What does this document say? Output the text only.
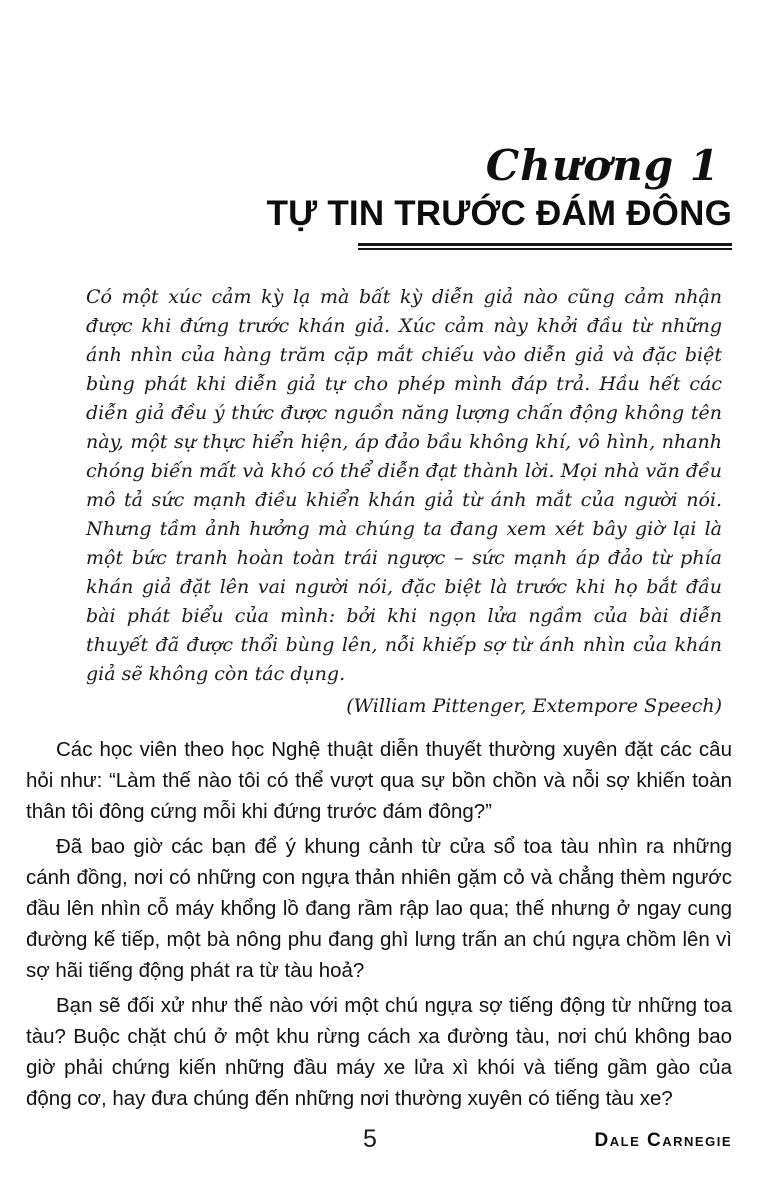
Chương 1
TỰ TIN TRƯỚC ĐÁM ĐÔNG

Có một xúc cảm kỳ lạ mà bất kỳ diễn giả nào cũng cảm nhận được khi đứng trước khán giả. Xúc cảm này khởi đầu từ những ánh nhìn của hàng trăm cặp mắt chiếu vào diễn giả và đặc biệt bùng phát khi diễn giả tự cho phép mình đáp trả. Hầu hết các diễn giả đều ý thức được nguồn năng lượng chấn động không tên này, một sự thực hiển hiện, áp đảo bầu không khí, vô hình, nhanh chóng biến mất và khó có thể diễn đạt thành lời. Mọi nhà văn đều mô tả sức mạnh điều khiển khán giả từ ánh mắt của người nói. Nhưng tầm ảnh hưởng mà chúng ta đang xem xét bây giờ lại là một bức tranh hoàn toàn trái ngược – sức mạnh áp đảo từ phía khán giả đặt lên vai người nói, đặc biệt là trước khi họ bắt đầu bài phát biểu của mình: bởi khi ngọn lửa ngầm của bài diễn thuyết đã được thổi bùng lên, nỗi khiếp sợ từ ánh nhìn của khán giả sẽ không còn tác dụng.

(William Pittenger, Extempore Speech)

Các học viên theo học Nghệ thuật diễn thuyết thường xuyên đặt các câu hỏi như: “Làm thế nào tôi có thể vượt qua sự bồn chồn và nỗi sợ khiến toàn thân tôi đông cứng mỗi khi đứng trước đám đông?”

Đã bao giờ các bạn để ý khung cảnh từ cửa sổ toa tàu nhìn ra những cánh đồng, nơi có những con ngựa thản nhiên gặm cỏ và chẳng thèm ngước đầu lên nhìn cỗ máy khổng lồ đang rầm rập lao qua; thế nhưng ở ngay cung đường kế tiếp, một bà nông phu đang ghì lưng trấn an chú ngựa chồm lên vì sợ hãi tiếng động phát ra từ tàu hoả?

Bạn sẽ đối xử như thế nào với một chú ngựa sợ tiếng động từ những toa tàu? Buộc chặt chú ở một khu rừng cách xa đường tàu, nơi chú không bao giờ phải chứng kiến những đầu máy xe lửa xì khói và tiếng gầm gào của động cơ, hay đưa chúng đến những nơi thường xuyên có tiếng tàu xe?

5	Dale Carnegie
